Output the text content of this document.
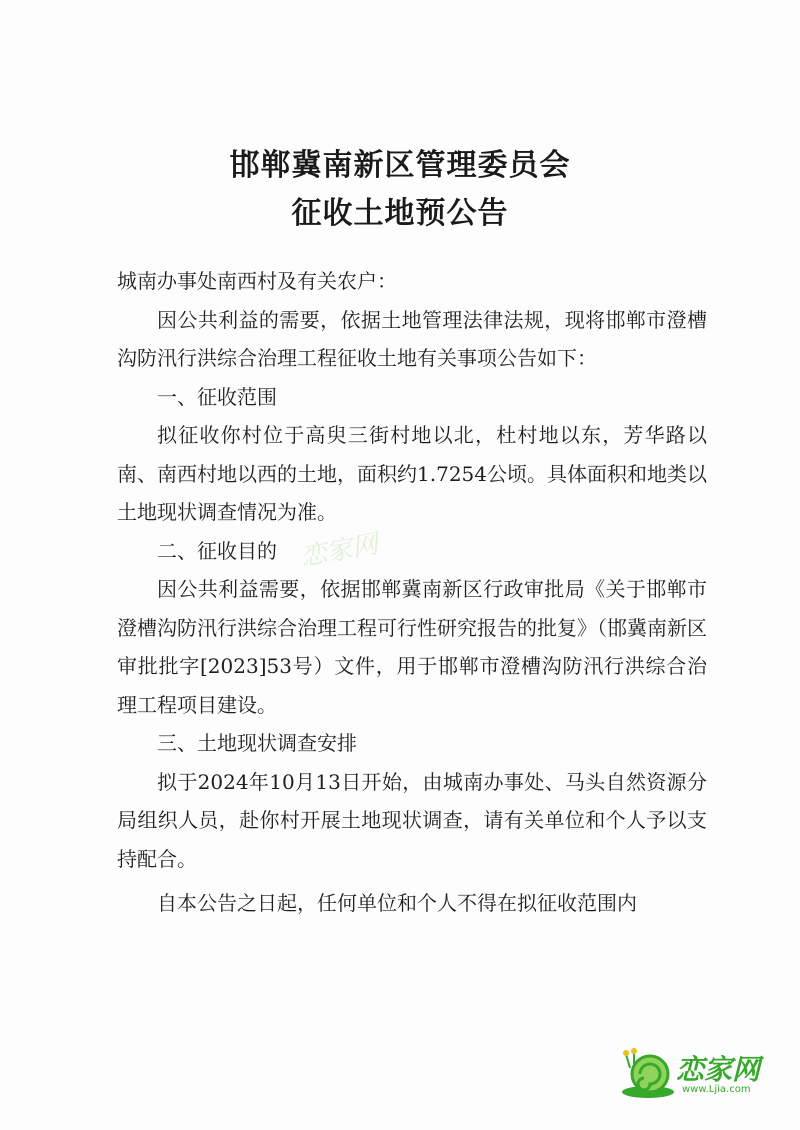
邯郸冀南新区管理委员会
征收土地预公告

城南办事处南西村及有关农户：

因公共利益的需要，依据土地管理法律法规，现将邯郸市澄槽沟防汛行洪综合治理工程征收土地有关事项公告如下：

一、征收范围

拟征收你村位于高臾三街村地以北，杜村地以东，芳华路以南、南西村地以西的土地，面积约1.7254公顷。具体面积和地类以土地现状调查情况为准。

二、征收目的

因公共利益需要，依据邯郸冀南新区行政审批局《关于邯郸市澄槽沟防汛行洪综合治理工程可行性研究报告的批复》（邯冀南新区审批批字[2023]53号）文件，用于邯郸市澄槽沟防汛行洪综合治理工程项目建设。

三、土地现状调查安排

拟于2024年10月13日开始，由城南办事处、马头自然资源分局组织人员，赴你村开展土地现状调查，请有关单位和个人予以支持配合。

自本公告之日起，任何单位和个人不得在拟征收范围内

恋家网
恋家网
www.Ljia.com
